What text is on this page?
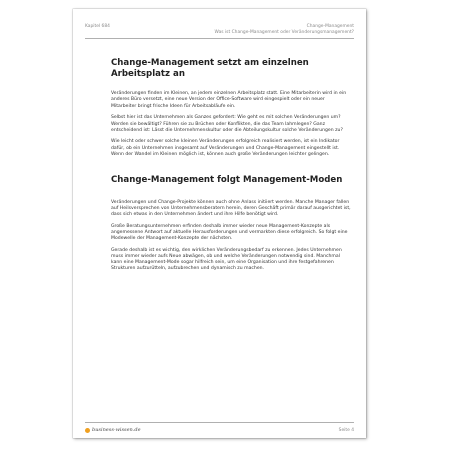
Kapitel 684	Change-Management
Was ist Change-Management oder Veränderungsmanagement?
Change-Management setzt am einzelnen Arbeitsplatz an

Veränderungen finden im Kleinen, an jedem einzelnen Arbeitsplatz statt. Eine Mitarbeiterin wird in ein anderes Büro versetzt, eine neue Version der Office-Software wird eingespielt oder ein neuer Mitarbeiter bringt frische Ideen für Arbeitsabläufe ein.

Selbst hier ist das Unternehmen als Ganzes gefordert: Wie geht es mit solchen Veränderungen um? Werden sie bewältigt? Führen sie zu Brüchen oder Konflikten, die das Team lahmlegen? Ganz entscheidend ist: Lässt die Unternehmenskultur oder die Abteilungskultur solche Veränderungen zu?

Wie leicht oder schwer solche kleinen Veränderungen erfolgreich realisiert werden, ist ein Indikator dafür, ob ein Unternehmen insgesamt auf Veränderungen und Change-Management eingestellt ist. Wenn der Wandel im Kleinen möglich ist, können auch große Veränderungen leichter gelingen.

Change-Management folgt Management-Moden

Veränderungen und Change-Projekte können auch ohne Anlass initiiert werden. Manche Manager fallen auf Heilsversprechen von Unternehmensberatern herein, deren Geschäft primär darauf ausgerichtet ist, dass sich etwas in den Unternehmen ändert und ihre Hilfe benötigt wird.

Große Beratungsunternehmen erfinden deshalb immer wieder neue Management-Konzepte als angemessene Antwort auf aktuelle Herausforderungen und vermarkten diese erfolgreich. So folgt eine Modewelle der Management-Konzepte der nächsten.

Gerade deshalb ist es wichtig, den wirklichen Veränderungsbedarf zu erkennen. Jedes Unternehmen muss immer wieder aufs Neue abwägen, ob und welche Veränderungen notwendig sind. Manchmal kann eine Management-Mode sogar hilfreich sein, um eine Organisation und ihre festgefahrenen Strukturen aufzurütteln, aufzubrechen und dynamisch zu machen.

business-wissen.de	Seite 4
